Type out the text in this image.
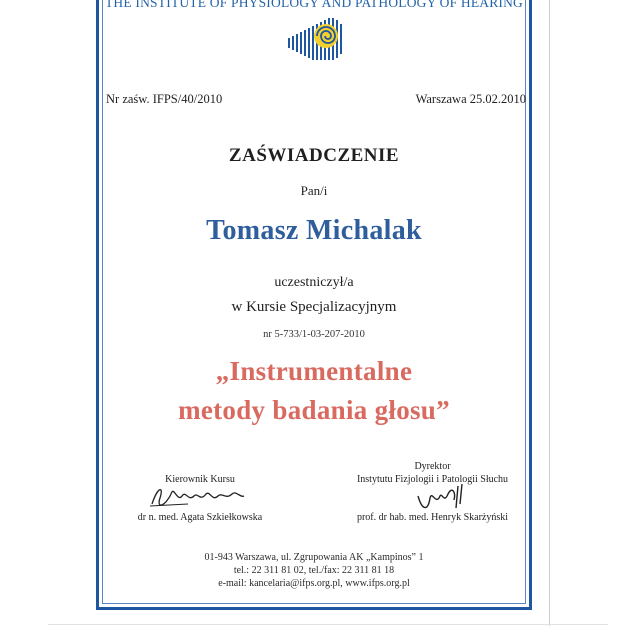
THE INSTITUTE OF PHYSIOLOGY AND PATHOLOGY OF HEARING
Nr zaśw. IFPS/40/2010	Warszawa 25.02.2010
ZAŚWIADCZENIE
Pan/i
Tomasz Michalak
uczestniczył/a
w Kursie Specjalizacyjnym
nr 5-733/1-03-207-2010
„Instrumentalne
metody badania głosu”
Kierownik Kursu
dr n. med. Agata Szkiełkowska
Dyrektor
Instytutu Fizjologii i Patologii Słuchu
prof. dr hab. med. Henryk Skarżyński
01-943 Warszawa, ul. Zgrupowania AK „Kampinos” 1
tel.: 22 311 81 02, tel./fax: 22 311 81 18
e-mail: kancelaria@ifps.org.pl, www.ifps.org.pl
